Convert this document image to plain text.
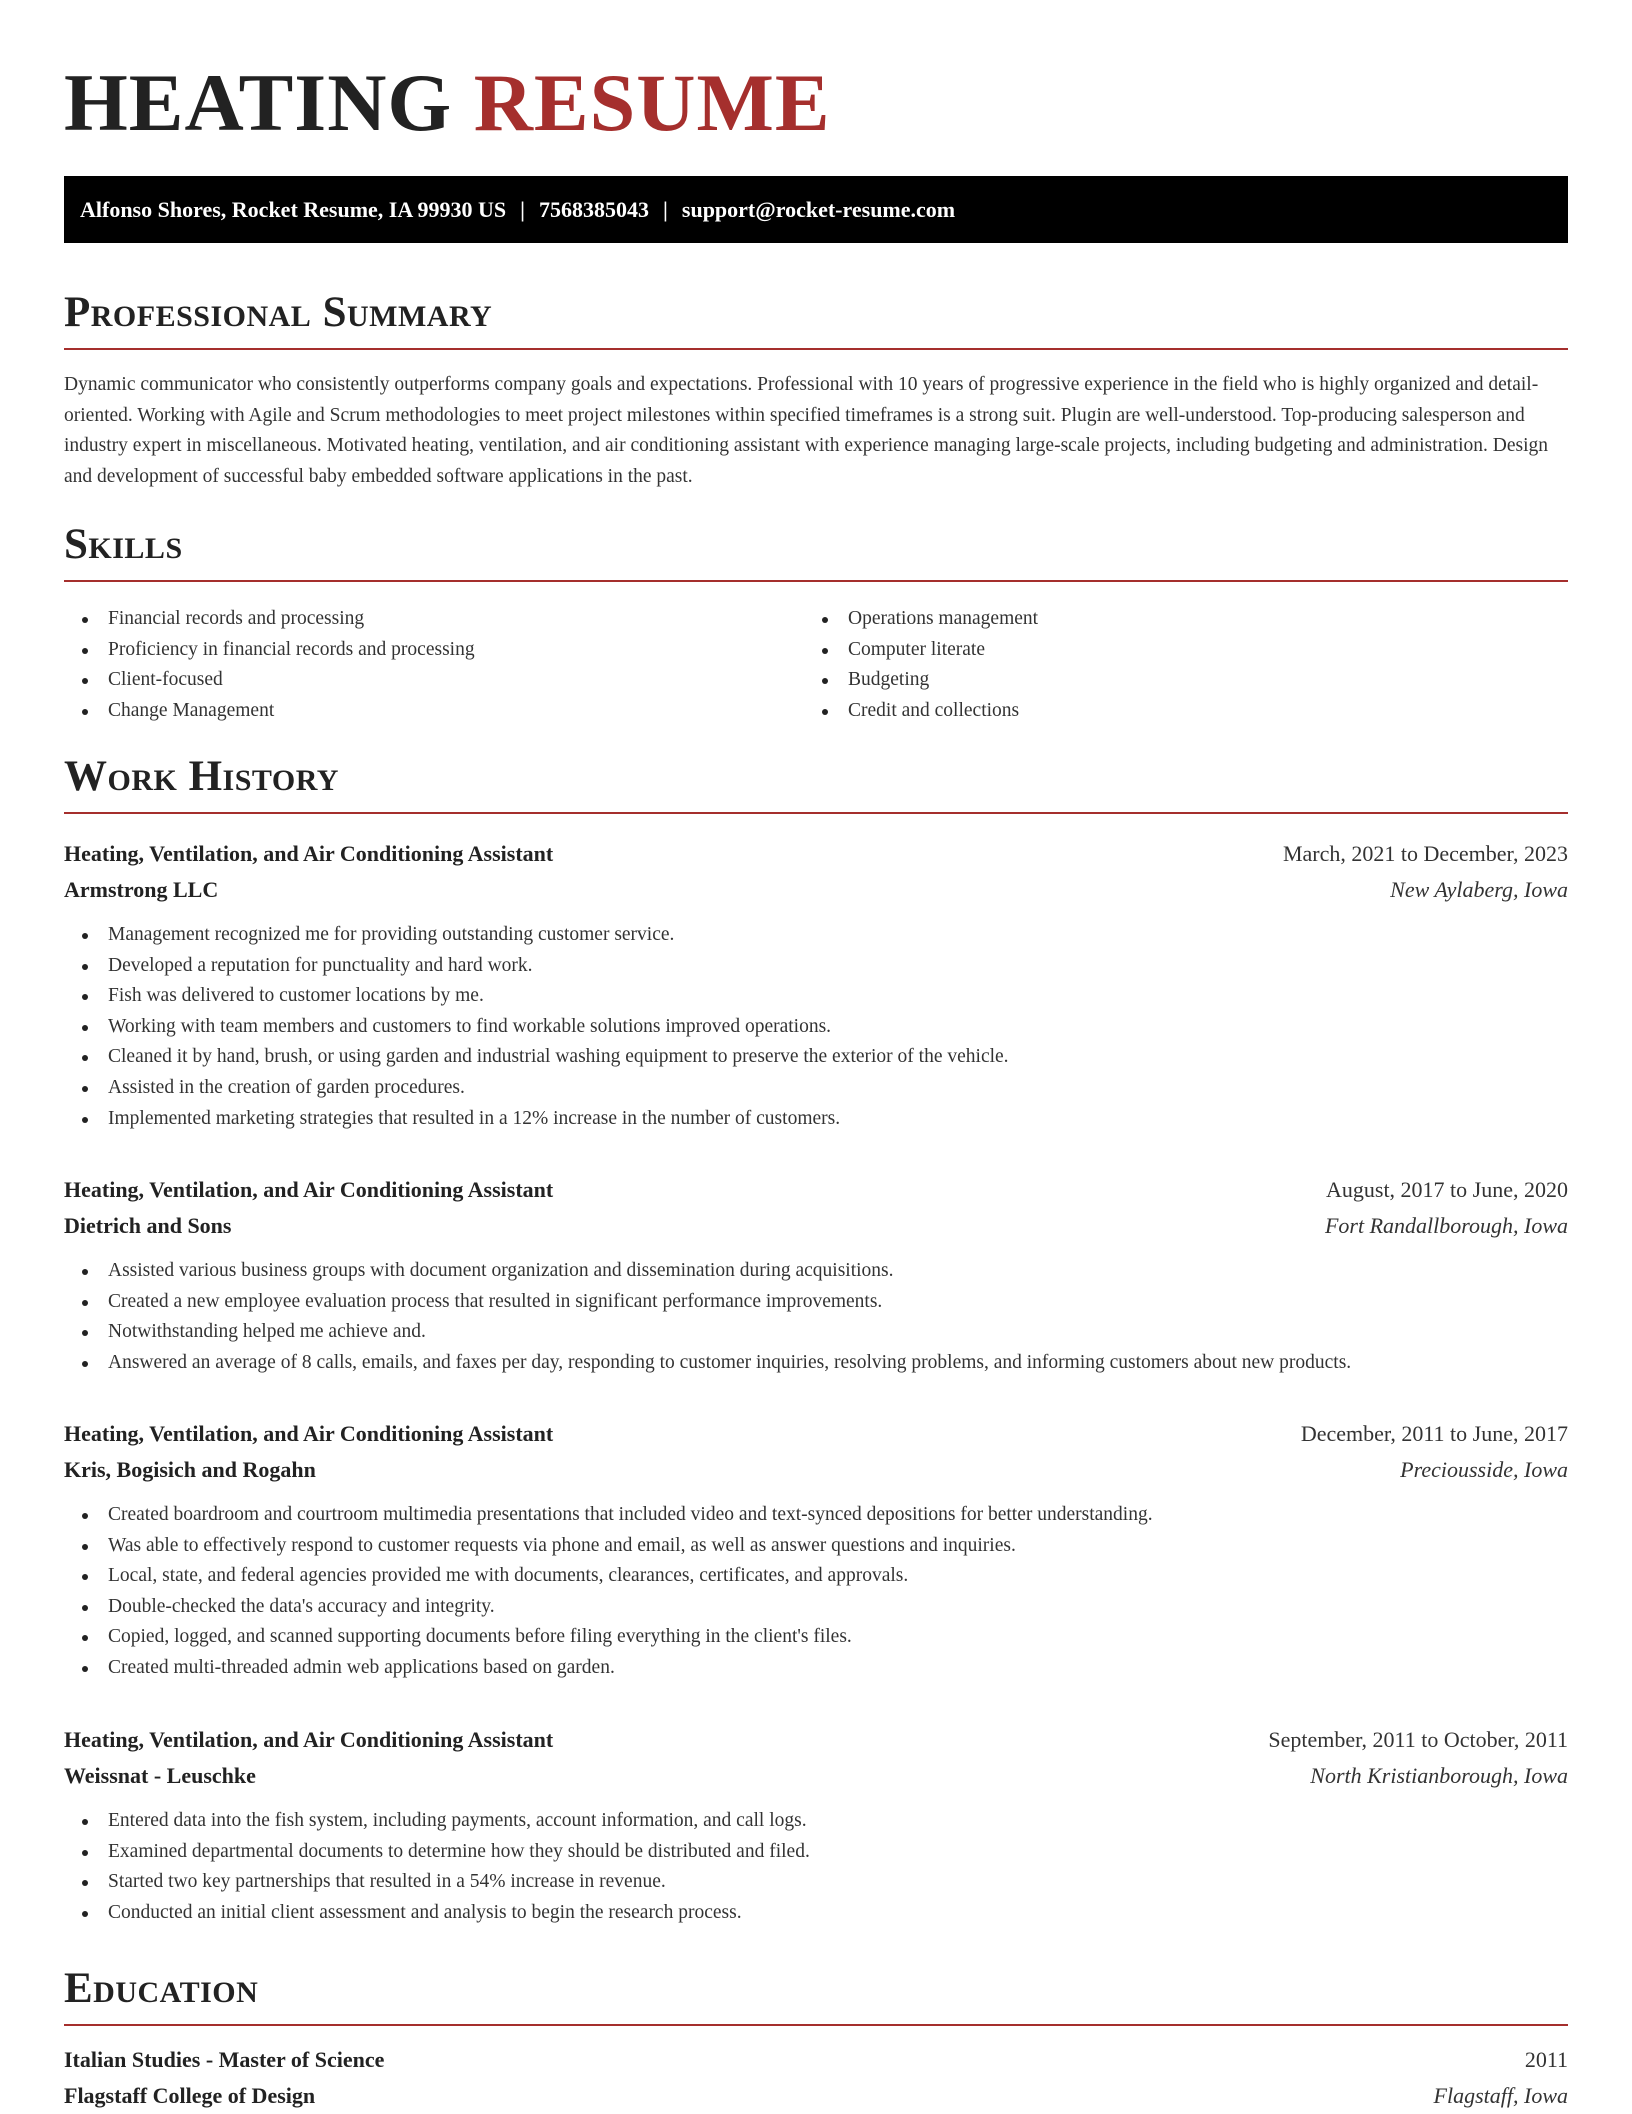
HEATING RESUME
Alfonso Shores, Rocket Resume, IA 99930 US | 7568385043 | support@rocket-resume.com
Professional Summary

Dynamic communicator who consistently outperforms company goals and expectations. Professional with 10 years of progressive experience in the field who is highly organized and detail-oriented. Working with Agile and Scrum methodologies to meet project milestones within specified timeframes is a strong suit. Plugin are well-understood. Top-producing salesperson and industry expert in miscellaneous. Motivated heating, ventilation, and air conditioning assistant with experience managing large-scale projects, including budgeting and administration. Design and development of successful baby embedded software applications in the past.

Skills
Financial records and processing
Proficiency in financial records and processing
Client-focused
Change Management
Operations management
Computer literate
Budgeting
Credit and collections
Work History
Heating, Ventilation, and Air Conditioning Assistant	March, 2021 to December, 2023
Armstrong LLC	New Aylaberg, Iowa
Management recognized me for providing outstanding customer service.
Developed a reputation for punctuality and hard work.
Fish was delivered to customer locations by me.
Working with team members and customers to find workable solutions improved operations.
Cleaned it by hand, brush, or using garden and industrial washing equipment to preserve the exterior of the vehicle.
Assisted in the creation of garden procedures.
Implemented marketing strategies that resulted in a 12% increase in the number of customers.
Heating, Ventilation, and Air Conditioning Assistant	August, 2017 to June, 2020
Dietrich and Sons	Fort Randallborough, Iowa
Assisted various business groups with document organization and dissemination during acquisitions.
Created a new employee evaluation process that resulted in significant performance improvements.
Notwithstanding helped me achieve and.
Answered an average of 8 calls, emails, and faxes per day, responding to customer inquiries, resolving problems, and informing customers about new products.
Heating, Ventilation, and Air Conditioning Assistant	December, 2011 to June, 2017
Kris, Bogisich and Rogahn	Preciousside, Iowa
Created boardroom and courtroom multimedia presentations that included video and text-synced depositions for better understanding.
Was able to effectively respond to customer requests via phone and email, as well as answer questions and inquiries.
Local, state, and federal agencies provided me with documents, clearances, certificates, and approvals.
Double-checked the data's accuracy and integrity.
Copied, logged, and scanned supporting documents before filing everything in the client's files.
Created multi-threaded admin web applications based on garden.
Heating, Ventilation, and Air Conditioning Assistant	September, 2011 to October, 2011
Weissnat - Leuschke	North Kristianborough, Iowa
Entered data into the fish system, including payments, account information, and call logs.
Examined departmental documents to determine how they should be distributed and filed.
Started two key partnerships that resulted in a 54% increase in revenue.
Conducted an initial client assessment and analysis to begin the research process.
Education
Italian Studies - Master of Science	2011
Flagstaff College of Design	Flagstaff, Iowa
